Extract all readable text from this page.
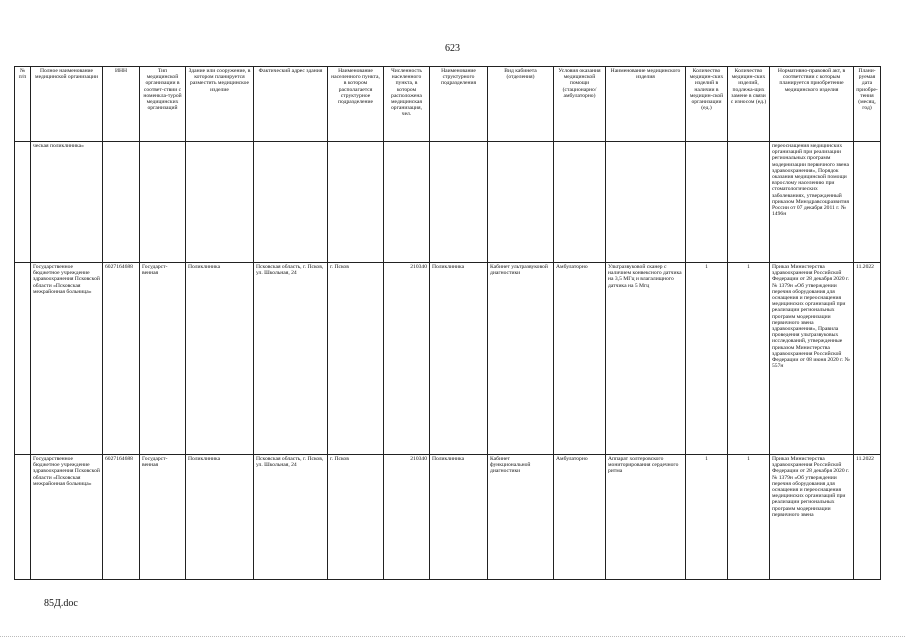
623
№ п/п	Полное наименование медицинской организации	ИНН	Тип медицинской организации в соответ-ствии с номенкла-турой медицинских организаций	Здание или сооружение, в котором планируется разместить медицинское изделие	Фактический адрес здания	Наименование населенного пункта, в котором располагается структурное подразделение	Численность населенного пункта, в котором расположена медицинская организация, чел.	Наименование структурного подразделения	Вид кабинета (отделения)	Условия оказания медицинской помощи (стационарно/ амбулаторно)	Наименование медицинского изделия	Количество медицин-ских изделий в наличии в медицин-ской организации (ед.)	Количество медицин-ских изделий, подлежа-щих замене в связи с износом (ед.)	Нормативно-правовой акт, в соответствии с которым планируется приобретение медицинского изделия	Плани-руемая дата приобре-тения (месяц, год)
	ческая поликлиника»													переоснащения медицинских организаций при реализации региональных программ модернизации первичного звена здравоохранения», Порядок оказания медицинской помощи взрослому населению при стоматологических заболеваниях, утвержденный приказом Минздравсоцразвития России от 07 декабря 2011 г. № 1496н	
	Государственное бюджетное учреждение здравоохранения Псковской области «Псковская межрайонная больница»	6027164688	Государст-венная	Поликлиника	Псковская область, г. Псков, ул. Школьная, 24	г. Псков	210340	Поликлиника	Кабинет ультразвуковой диагностики	Амбулаторно	Ультразвуковой сканер с наличием конвексного датчика на 3,5 МГц и влагалищного датчика на 5 Мгц	1	1	Приказ Министерства здравоохранения Российской Федерации от 28 декабря 2020 г. № 1379н «Об утверждении перечня оборудования для оснащения и переоснащения медицинских организаций при реализации региональных программ модернизации первичного звена здравоохранения», Правила проведения ультразвуковых исследований, утвержденные приказом Министерства здравоохранения Российской Федерации от 08 июня 2020 г. № 557н	11.2022
	Государственное бюджетное учреждение здравоохранения Псковской области «Псковская межрайонная больница»	6027164688	Государст-венная	Поликлиника	Псковская область, г. Псков, ул. Школьная, 24	г. Псков	210340	Поликлиника	Кабинет функциональной диагностики	Амбулаторно	Аппарат холтеровского мониторирования сердечного ритма	1	1	Приказ Министерства здравоохранения Российской Федерации от 28 декабря 2020 г. № 1379н «Об утверждении перечня оборудования для оснащения и переоснащения медицинских организаций при реализации региональных программ модернизации первичного звена	11.2022
85Д.doc
